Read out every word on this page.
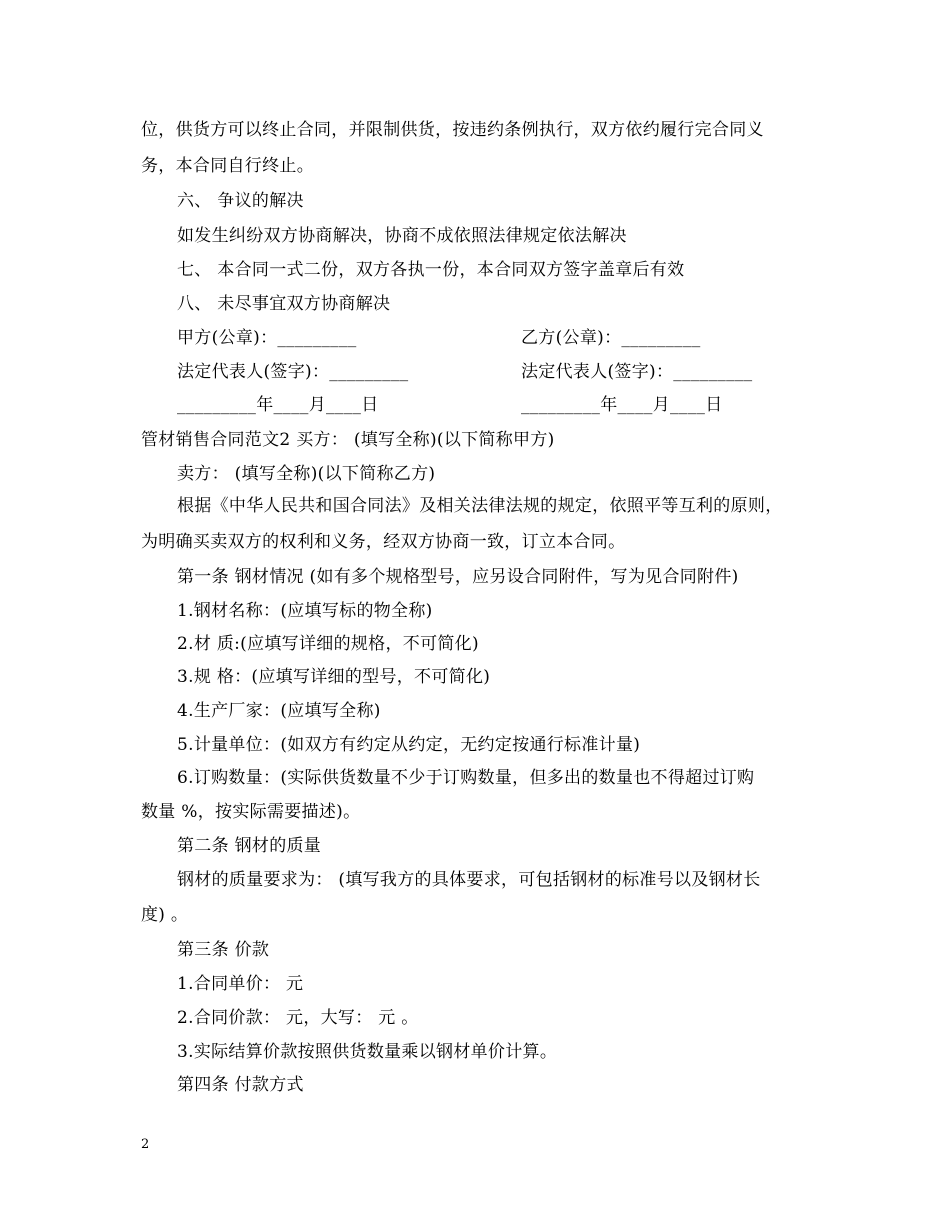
位，供货方可以终止合同，并限制供货，按违约条例执行，双方依约履行完合同义
务，本合同自行终止。
六、 争议的解决
如发生纠纷双方协商解决，协商不成依照法律规定依法解决
七、 本合同一式二份，双方各执一份，本合同双方签字盖章后有效
八、 未尽事宜双方协商解决
甲方(公章)：_________	乙方(公章)：_________
法定代表人(签字)：_________	法定代表人(签字)：_________
_________年____月____日	_________年____月____日
管材销售合同范文2 买方： (填写全称)(以下简称甲方)
卖方： (填写全称)(以下简称乙方)
根据《中华人民共和国合同法》及相关法律法规的规定，依照平等互利的原则，
为明确买卖双方的权利和义务，经双方协商一致，订立本合同。
第一条 钢材情况 (如有多个规格型号，应另设合同附件，写为见合同附件)
1.钢材名称：(应填写标的物全称)
2.材 质:(应填写详细的规格，不可简化)
3.规 格：(应填写详细的型号，不可简化)
4.生产厂家：(应填写全称)
5.计量单位：(如双方有约定从约定，无约定按通行标准计量)
6.订购数量：(实际供货数量不少于订购数量，但多出的数量也不得超过订购
数量 %，按实际需要描述)。
第二条 钢材的质量
钢材的质量要求为： (填写我方的具体要求，可包括钢材的标准号以及钢材长
度) 。
第三条 价款
1.合同单价： 元
2.合同价款： 元，大写： 元 。
3.实际结算价款按照供货数量乘以钢材单价计算。
第四条 付款方式
2
